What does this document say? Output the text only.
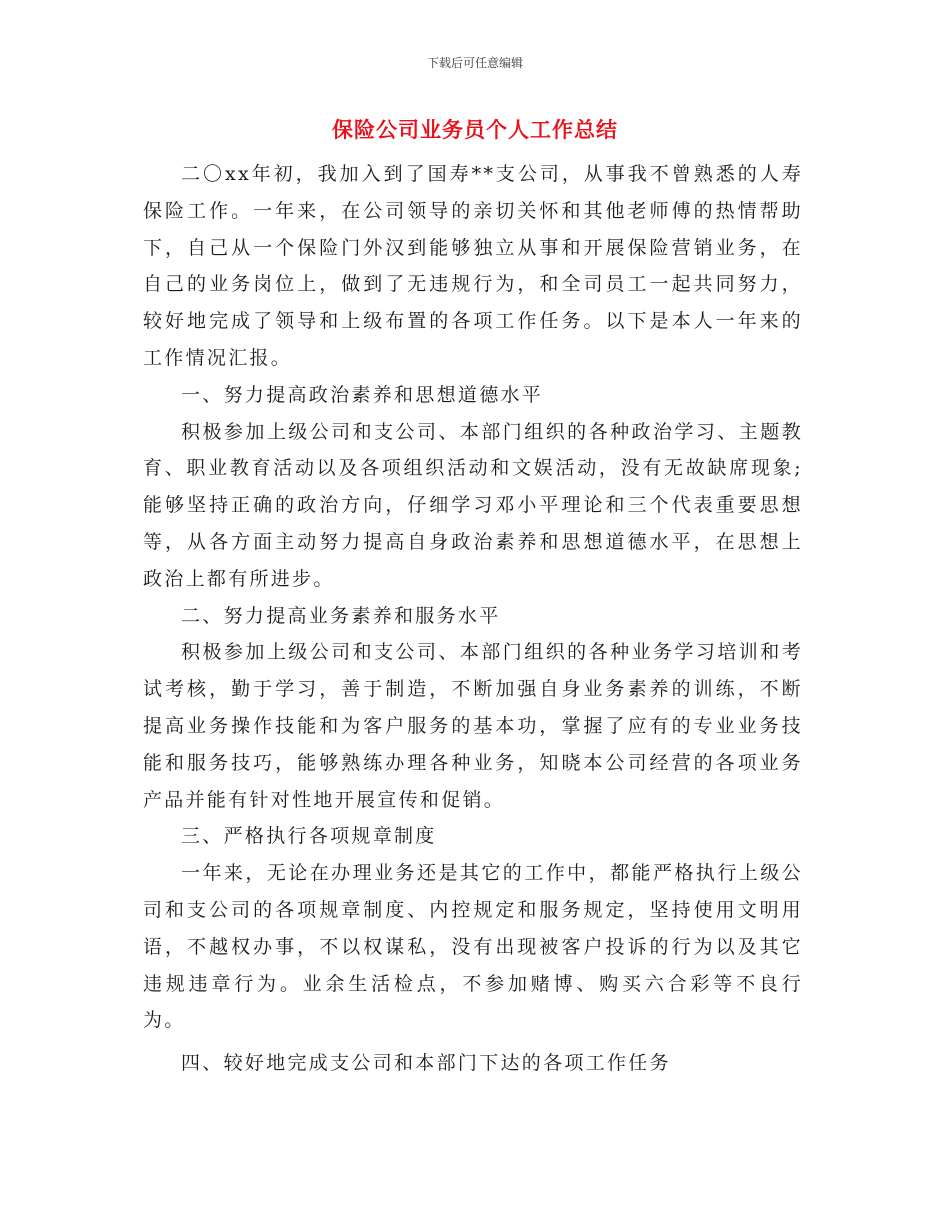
下载后可任意编辑
保险公司业务员个人工作总结

二〇xx年初，我加入到了国寿**支公司，从事我不曾熟悉的人寿保险工作。一年来，在公司领导的亲切关怀和其他老师傅的热情帮助下，自己从一个保险门外汉到能够独立从事和开展保险营销业务，在自己的业务岗位上，做到了无违规行为，和全司员工一起共同努力，较好地完成了领导和上级布置的各项工作任务。以下是本人一年来的工作情况汇报。

一、努力提高政治素养和思想道德水平

积极参加上级公司和支公司、本部门组织的各种政治学习、主题教育、职业教育活动以及各项组织活动和文娱活动，没有无故缺席现象;能够坚持正确的政治方向，仔细学习邓小平理论和三个代表重要思想等，从各方面主动努力提高自身政治素养和思想道德水平，在思想上政治上都有所进步。

二、努力提高业务素养和服务水平

积极参加上级公司和支公司、本部门组织的各种业务学习培训和考试考核，勤于学习，善于制造，不断加强自身业务素养的训练，不断提高业务操作技能和为客户服务的基本功，掌握了应有的专业业务技能和服务技巧，能够熟练办理各种业务，知晓本公司经营的各项业务产品并能有针对性地开展宣传和促销。

三、严格执行各项规章制度

一年来，无论在办理业务还是其它的工作中，都能严格执行上级公司和支公司的各项规章制度、内控规定和服务规定，坚持使用文明用语，不越权办事，不以权谋私，没有出现被客户投诉的行为以及其它违规违章行为。业余生活检点，不参加赌博、购买六合彩等不良行为。

四、较好地完成支公司和本部门下达的各项工作任务
